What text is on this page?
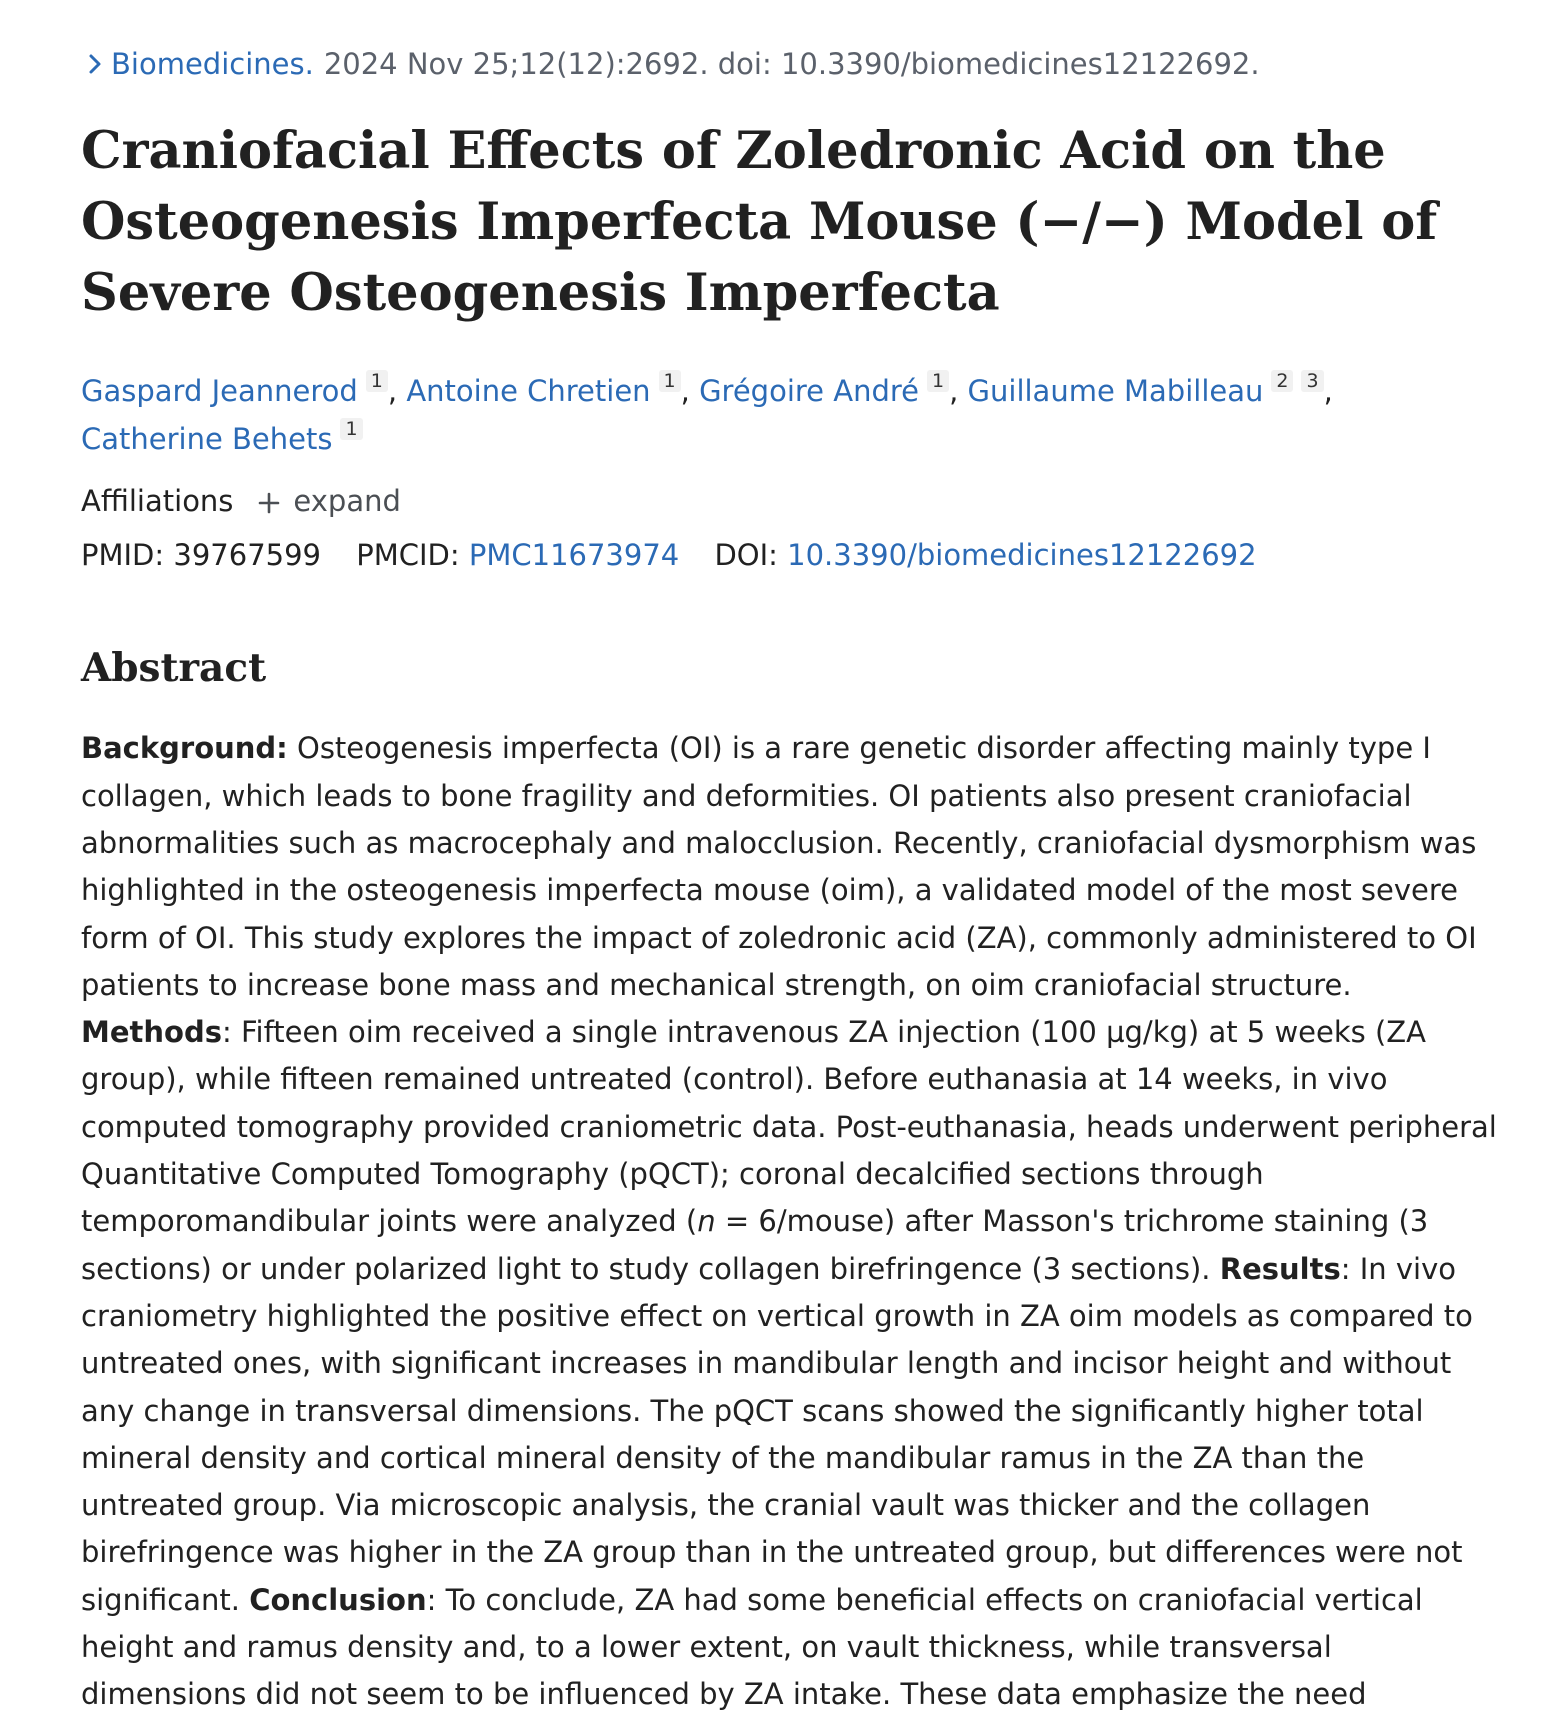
Biomedicines. 2024 Nov 25;12(12):2692. doi: 10.3390/biomedicines12122692.
Craniofacial Effects of Zoledronic Acid on the Osteogenesis Imperfecta Mouse (−/−) Model of Severe Osteogenesis Imperfecta
Gaspard Jeannerod $^1$ , Antoine Chretien $^1$ , Grégoire André $^1$ , Guillaume Mabilleau $^2$ $^3$ ,
Catherine Behets $^1$
Affiliations expand
PMID: 39767599 PMCID: PMC11673974 DOI: 10.3390/biomedicines12122692
Abstract
Background: Osteogenesis imperfecta (OI) is a rare genetic disorder affecting mainly type I collagen, which leads to bone fragility and deformities. OI patients also present craniofacial abnormalities such as macrocephaly and malocclusion. Recently, craniofacial dysmorphism was highlighted in the osteogenesis imperfecta mouse (oim), a validated model of the most severe form of OI. This study explores the impact of zoledronic acid (ZA), commonly administered to OI patients to increase bone mass and mechanical strength, on oim craniofacial structure. Methods: Fifteen oim received a single intravenous ZA injection (100 µg/kg) at 5 weeks (ZA group), while fifteen remained untreated (control). Before euthanasia at 14 weeks, in vivo computed tomography provided craniometric data. Post-euthanasia, heads underwent peripheral Quantitative Computed Tomography (pQCT); coronal decalcified sections through temporomandibular joints were analyzed (n = 6/mouse) after Masson's trichrome staining (3 sections) or under polarized light to study collagen birefringence (3 sections). Results: In vivo craniometry highlighted the positive effect on vertical growth in ZA oim models as compared to untreated ones, with significant increases in mandibular length and incisor height and without any change in transversal dimensions. The pQCT scans showed the significantly higher total mineral density and cortical mineral density of the mandibular ramus in the ZA than the untreated group. Via microscopic analysis, the cranial vault was thicker and the collagen birefringence was higher in the ZA group than in the untreated group, but differences were not significant. Conclusion: To conclude, ZA had some beneficial effects on craniofacial vertical height and ramus density and, to a lower extent, on vault thickness, while transversal dimensions did not seem to be influenced by ZA intake. These data emphasize the need
